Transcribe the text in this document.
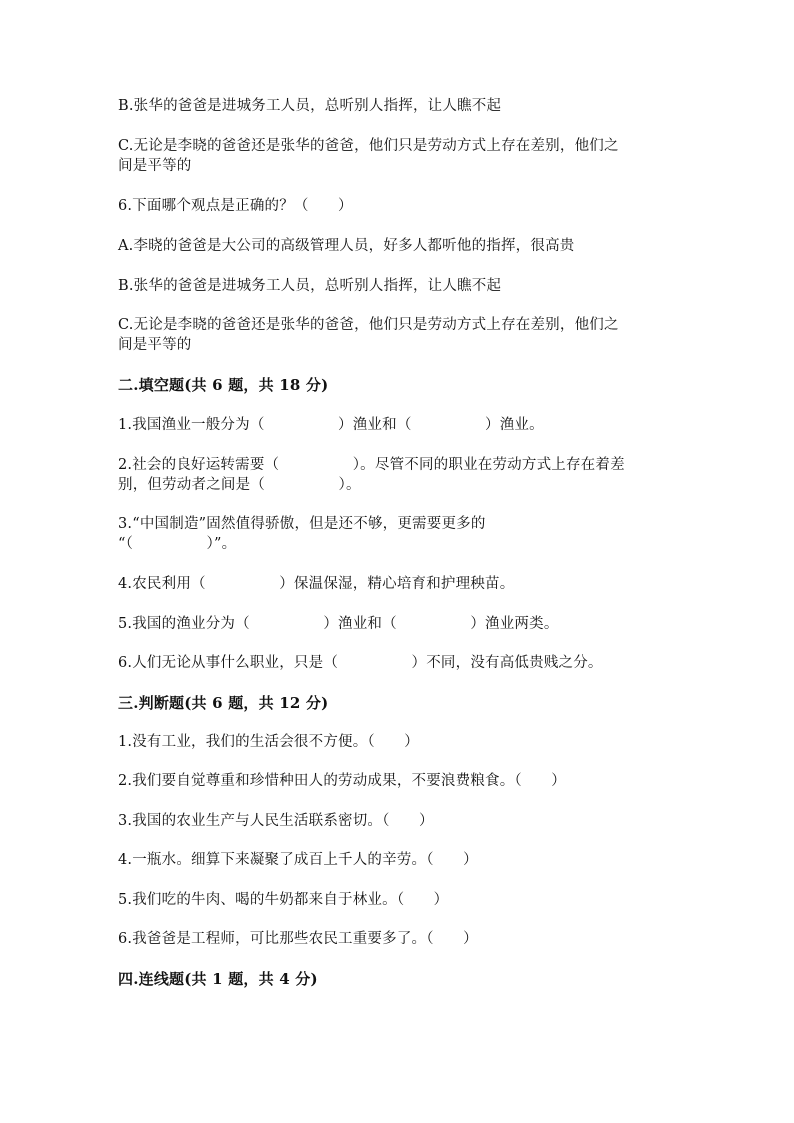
B.张华的爸爸是进城务工人员，总听别人指挥，让人瞧不起
C.无论是李晓的爸爸还是张华的爸爸，他们只是劳动方式上存在差别，他们之
间是平等的
6.下面哪个观点是正确的？（　　）
A.李晓的爸爸是大公司的高级管理人员，好多人都听他的指挥，很高贵
B.张华的爸爸是进城务工人员，总听别人指挥，让人瞧不起
C.无论是李晓的爸爸还是张华的爸爸，他们只是劳动方式上存在差别，他们之
间是平等的
二.填空题(共 6 题，共 18 分)
1.我国渔业一般分为（　　　　　）渔业和（　　　　　）渔业。
2.社会的良好运转需要（　　　　　）。尽管不同的职业在劳动方式上存在着差
别，但劳动者之间是（　　　　　）。
3.“中国制造”固然值得骄傲，但是还不够，更需要更多的
“（　　　　　）”。
4.农民利用（　　　　　）保温保湿，精心培育和护理秧苗。
5.我国的渔业分为（　　　　　）渔业和（　　　　　）渔业两类。
6.人们无论从事什么职业，只是（　　　　　）不同，没有高低贵贱之分。
三.判断题(共 6 题，共 12 分)
1.没有工业，我们的生活会很不方便。（　　）
2.我们要自觉尊重和珍惜种田人的劳动成果，不要浪费粮食。（　　）
3.我国的农业生产与人民生活联系密切。（　　）
4.一瓶水。细算下来凝聚了成百上千人的辛劳。（　　）
5.我们吃的牛肉、喝的牛奶都来自于林业。（　　）
6.我爸爸是工程师，可比那些农民工重要多了。（　　）
四.连线题(共 1 题，共 4 分)
